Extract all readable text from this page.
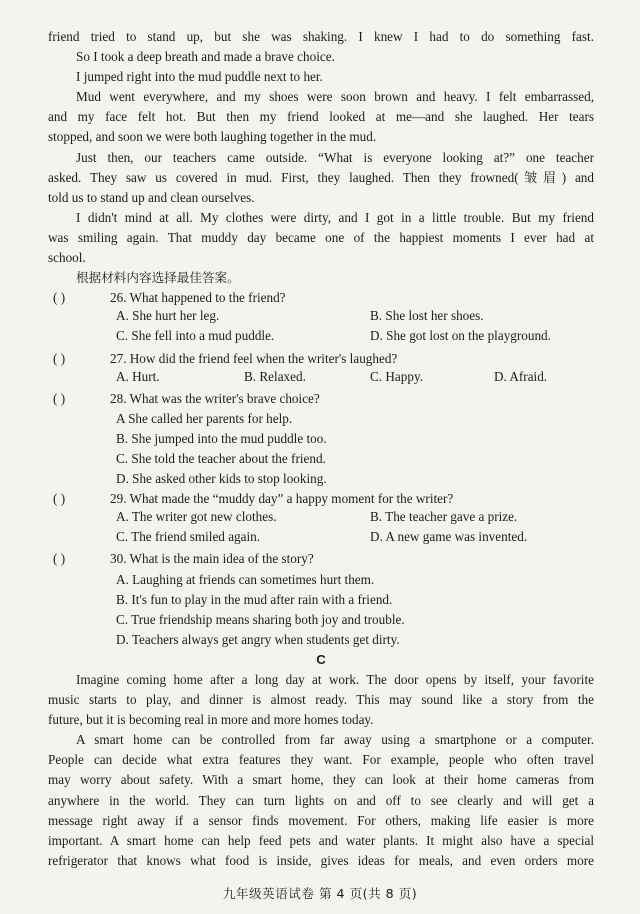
friend tried to stand up, but she was shaking. I knew I had to do something fast.
So I took a deep breath and made a brave choice.
I jumped right into the mud puddle next to her.
Mud went everywhere, and my shoes were soon brown and heavy. I felt embarrassed,
and my face felt hot. But then my friend looked at me—and she laughed. Her tears
stopped, and soon we were both laughing together in the mud.
Just then, our teachers came outside. “What is everyone looking at?” one teacher
asked. They saw us covered in mud. First, they laughed. Then they frowned(皱眉) and
told us to stand up and clean ourselves.
I didn't mind at all. My clothes were dirty, and I got in a little trouble. But my friend
was smiling again. That muddy day became one of the happiest moments I ever had at
school.
根据材料内容选择最佳答案。
( )	26. What happened to the friend?
A. She hurt her leg.	B. She lost her shoes.
C. She fell into a mud puddle.	D. She got lost on the playground.
( )	27. How did the friend feel when the writer's laughed?
A. Hurt.	B. Relaxed.	C. Happy.	D. Afraid.
( )	28. What was the writer's brave choice?
A She called her parents for help.
B. She jumped into the mud puddle too.
C. She told the teacher about the friend.
D. She asked other kids to stop looking.
( )	29. What made the “muddy day” a happy moment for the writer?
A. The writer got new clothes.	B. The teacher gave a prize.
C. The friend smiled again.	D. A new game was invented.
( )	30. What is the main idea of the story?
A. Laughing at friends can sometimes hurt them.
B. It's fun to play in the mud after rain with a friend.
C. True friendship means sharing both joy and trouble.
D. Teachers always get angry when students get dirty.
C
Imagine coming home after a long day at work. The door opens by itself, your favorite
music starts to play, and dinner is almost ready. This may sound like a story from the
future, but it is becoming real in more and more homes today.
A smart home can be controlled from far away using a smartphone or a computer.
People can decide what extra features they want. For example, people who often travel
may worry about safety. With a smart home, they can look at their home cameras from
anywhere in the world. They can turn lights on and off to see clearly and will get a
message right away if a sensor finds movement. For others, making life easier is more
important. A smart home can help feed pets and water plants. It might also have a special
refrigerator that knows what food is inside, gives ideas for meals, and even orders more
九年级英语试卷 第 4 页(共 8 页)
